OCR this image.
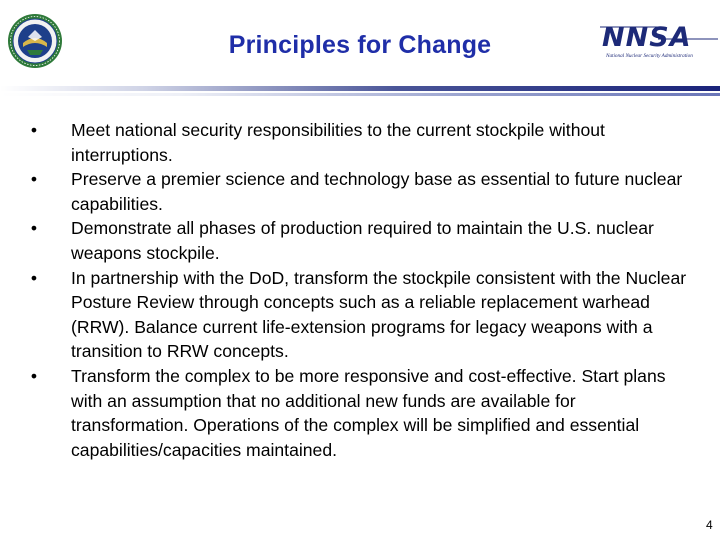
Principles for Change	NNSA
National Nuclear Security Administration
• Meet national security responsibilities to the current stockpile without interruptions.
• Preserve a premier science and technology base as essential to future nuclear capabilities.
• Demonstrate all phases of production required to maintain the U.S. nuclear weapons stockpile.
• In partnership with the DoD, transform the stockpile consistent with the Nuclear Posture Review through concepts such as a reliable replacement warhead (RRW). Balance current life-extension programs for legacy weapons with a transition to RRW concepts.
• Transform the complex to be more responsive and cost-effective. Start plans with an assumption that no additional new funds are available for transformation. Operations of the complex will be simplified and essential capabilities/capacities maintained.
4
